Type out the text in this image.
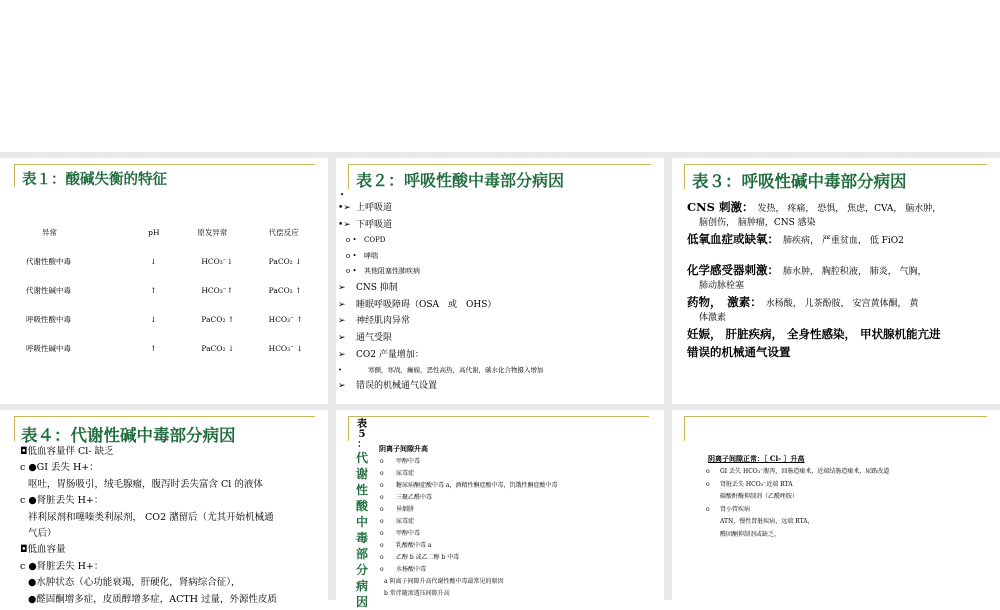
表１：酸碱失衡的特征
异常	pH	原发异常	代偿反应
代谢性酸中毒	↓	HCO₃⁻↓	PaCO₂ ↓
代谢性碱中毒	↑	HCO₃⁻↑	PaCO₂ ↑
呼吸性酸中毒	↓	PaCO₂ ↑	HCO₃⁻ ↑
呼吸性碱中毒	↑	PaCO₂ ↓	HCO₃⁻ ↓
表２：呼吸性酸中毒部分病因
•
•➢ 上呼吸道
•➢ 下呼吸道
o • COPD
o • 哮喘
o • 其他阻塞性肺疾病
➢ CNS 抑制
➢ 睡眠呼吸障碍（OSA　或　OHS）
➢ 神经肌肉异常
➢ 通气受限
➢ CO2 产量增加：
•	寒颤，寒战，癫痫，恶性高热，高代谢，碳水化合物摄入增加
➢ 错误的机械通气设置
表３：呼吸性碱中毒部分病因
CNS 刺激： 发热， 疼痛， 恐惧， 焦虑，CVA， 脑水肿，
脑创伤， 脑肿瘤，CNS 感染
低氧血症或缺氧： 肺疾病， 严重贫血， 低 FiO2
化学感受器刺激： 肺水肿， 胸腔积液， 肺炎， 气胸，
肺动脉栓塞
药物，　激素： 水杨酸， 儿茶酚胺， 安宫黄体酮， 黄
体激素
妊娠， 肝脏疾病， 全身性感染， 甲状腺机能亢进
错误的机械通气设置
表４：代谢性碱中毒部分病因
◘低血容量伴 Cl- 缺乏
c ●GI 丢失 H+：
呕吐，胃肠吸引，绒毛腺瘤，腹泻时丢失富含 Cl 的液体
c ●肾脏丢失 H+：
袢利尿剂和噻嗪类利尿剂， CO2 潴留后（尤其开始机械通
气后）
◘低血容量
c ●肾脏丢失 H+：
●水肿状态（心功能衰竭，肝硬化，肾病综合征），
●醛固酮增多症，皮质醇增多症，ACTH 过量，外源性皮质
表
5
：
代
谢
性
酸
中
毒
部
分
病
因
阴离子间隙升高
o 甲醇中毒
o 尿毒症
o 糖尿病酮症酸中毒 a，酒精性酮症酸中毒，饥饿性酮症酸中毒
o 三聚乙醛中毒
o 异烟肼
o 尿毒症
o 甲醇中毒
o 乳酸酸中毒 a
o 乙醇 b 或乙二醇 b 中毒
o 水杨酸中毒
a 阴离子间隙升高代谢性酸中毒最常见的原因
b 常伴随渗透压间隙升高
阴离子间隙正常：［ Cl- ］升高
o GI 丢失 HCO₃⁻腹泻，回肠造瘘术，近端结肠造瘘术，尿路改道
o 肾脏丢失 HCO₃⁻近端 RTA
碳酸酐酶抑制剂（乙酰唑胺）
o 肾小管疾病
ATN，慢性肾脏疾病，远端 RTA，
醛固酮抑制剂或缺乏，
